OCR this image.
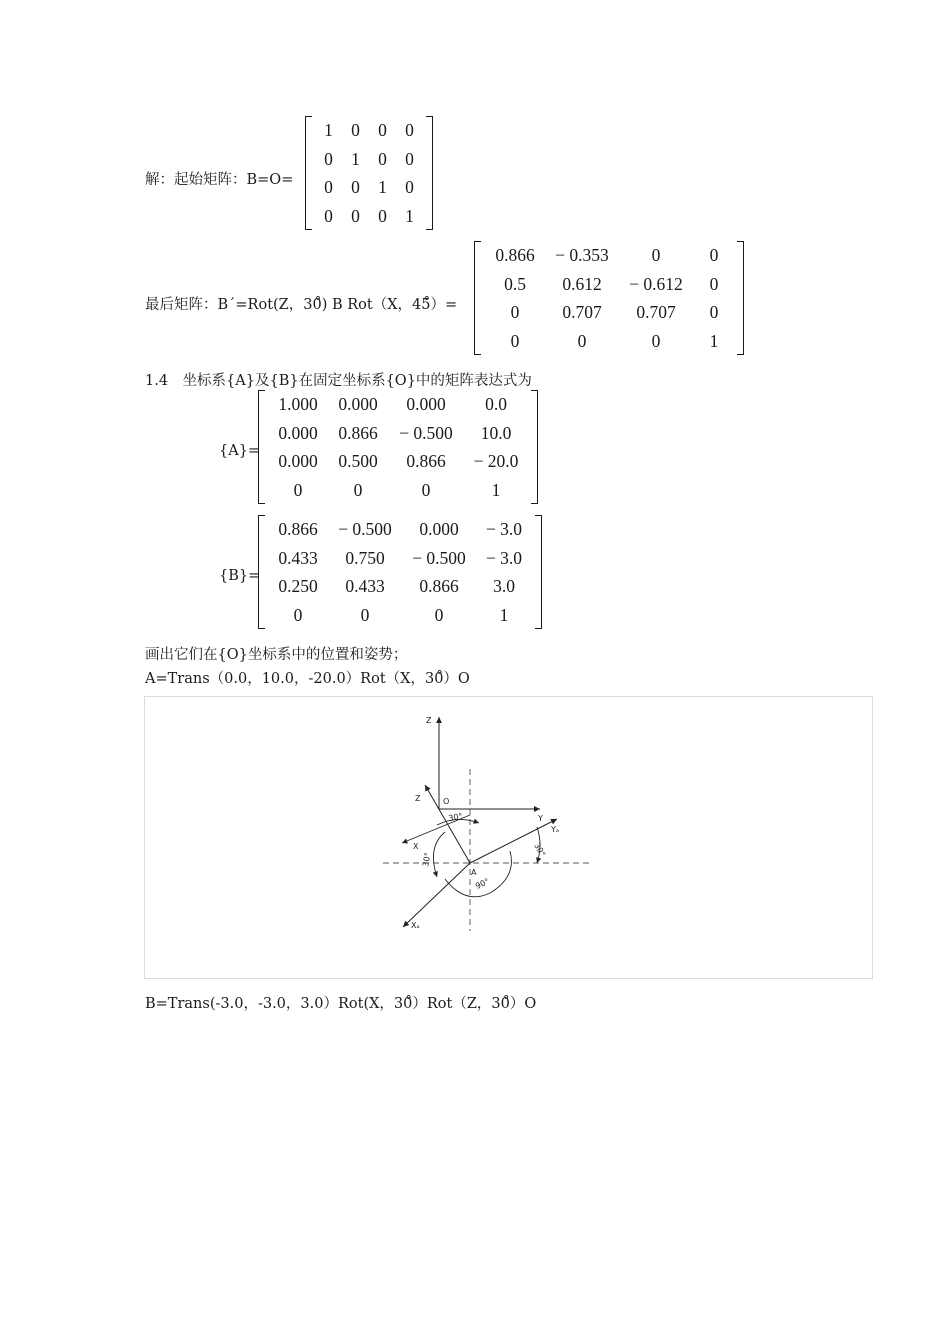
解：起始矩阵：B=O=
1	0	0	0
0	1	0	0
0	0	1	0
0	0	0	1
最后矩阵：B´=Rot(Z，30̊) B Rot（X，45̊）=
0.866	− 0.353	0	0
0.5	0.612	− 0.612	0
0	0.707	0.707	0
0	0	0	1
1.4　坐标系{A}及{B}在固定坐标系{O}中的矩阵表达式为
{A}=
1.000	0.000	0.000	0.0
0.000	0.866	− 0.500	10.0
0.000	0.500	0.866	− 20.0
0	0	0	1
{B}=
0.866	− 0.500	0.000	− 3.0
0.433	0.750	− 0.500	− 3.0
0.250	0.433	0.866	3.0
0	0	0	1
画出它们在{O}坐标系中的位置和姿势；
A=Trans（0.0，10.0，-20.0）Rot（X，30̊）O
Z
O
Y
Z
X
Yₐ
Xₐ
A
30°
30°
30°
90°
B=Trans(-3.0，-3.0，3.0）Rot(X，30̊）Rot（Z，30̊）O
